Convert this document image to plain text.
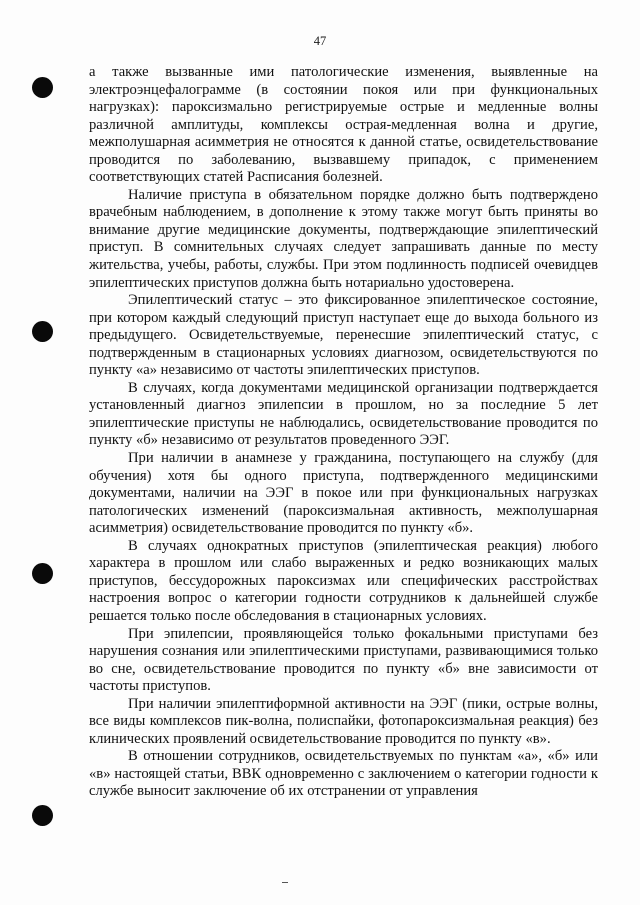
47

а также вызванные ими патологические изменения, выявленные на электроэнцефалограмме (в состоянии покоя или при функциональных нагрузках): пароксизмально регистрируемые острые и медленные волны различной амплитуды, комплексы острая-медленная волна и другие, межполушарная асимметрия не относятся к данной статье, освидетельствование проводится по заболеванию, вызвавшему припадок, с применением соответствующих статей Расписания болезней.

Наличие приступа в обязательном порядке должно быть подтверждено врачебным наблюдением, в дополнение к этому также могут быть приняты во внимание другие медицинские документы, подтверждающие эпилептический приступ. В сомнительных случаях следует запрашивать данные по месту жительства, учебы, работы, службы. При этом подлинность подписей очевидцев эпилептических приступов должна быть нотариально удостоверена.

Эпилептический статус – это фиксированное эпилептическое состояние, при котором каждый следующий приступ наступает еще до выхода больного из предыдущего. Освидетельствуемые, перенесшие эпилептический статус, с подтвержденным в стационарных условиях диагнозом, освидетельствуются по пункту «а» независимо от частоты эпилептических приступов.

В случаях, когда документами медицинской организации подтверждается установленный диагноз эпилепсии в прошлом, но за последние 5 лет эпилептические приступы не наблюдались, освидетельствование проводится по пункту «б» независимо от результатов проведенного ЭЭГ.

При наличии в анамнезе у гражданина, поступающего на службу (для обучения) хотя бы одного приступа, подтвержденного медицинскими документами, наличии на ЭЭГ в покое или при функциональных нагрузках патологических изменений (пароксизмальная активность, межполушарная асимметрия) освидетельствование проводится по пункту «б».

В случаях однократных приступов (эпилептическая реакция) любого характера в прошлом или слабо выраженных и редко возникающих малых приступов, бессудорожных пароксизмах или специфических расстройствах настроения вопрос о категории годности сотрудников к дальнейшей службе решается только после обследования в стационарных условиях.

При эпилепсии, проявляющейся только фокальными приступами без нарушения сознания или эпилептическими приступами, развивающимися только во сне, освидетельствование проводится по пункту «б» вне зависимости от частоты приступов.

При наличии эпилептиформной активности на ЭЭГ (пики, острые волны, все виды комплексов пик-волна, полиспайки, фотопароксизмальная реакция) без клинических проявлений освидетельствование проводится по пункту «в».

В отношении сотрудников, освидетельствуемых по пунктам «а», «б» или «в» настоящей статьи, ВВК одновременно с заключением о категории годности к службе выносит заключение об их отстранении от управления
